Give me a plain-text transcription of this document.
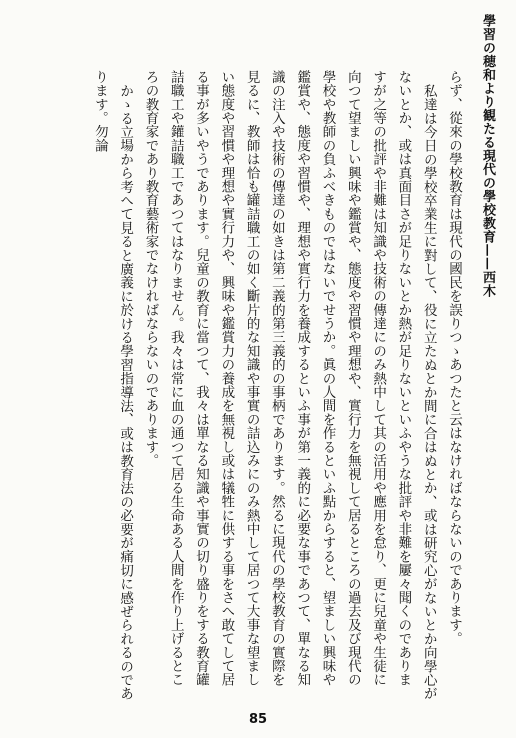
學習の穂和より観たる現代の學校教育——西木

らず、從來の學校教育は現代の國民を誤りつゝあつたと云はなければならないのであります。

私達は今日の學校卒業生に對して、役に立たぬとか間に合はぬとか、或は研究心がないとか向學心がないとか、或は真面目さが足りないとか熱が足りないといふやうな批評や非難を屢々聞くのでありますが之等の批評や非難は知識や技術の傳達にのみ熱中して其の活用や應用を怠り、更に兒童や生徒に向つて望ましい興味や鑑賞や、態度や習慣や理想や、實行力を無視して居るところの過去及び現代の學校や教師の負ふべきものではないでせうか。眞の人間を作るといふ點からすると、望ましい興味や鑑賞や、態度や習慣や、理想や實行力を養成するといふ事が第一義的に必要な事であつて、單なる知識の注入や技術の傳達の如きは第二義的第三義的の事柄であります。然るに現代の學校教育の實際を見るに、教師は恰も罐詰職工の如く斷片的な知識や事實の詰込みにのみ熱中して居つて大事な望ましい態度や習慣や理想や實行力や、興味や鑑賞力の養成を無視し或は犠牲に供する事をさへ敢てして居る事が多いやうであります。兒童の教育に當つて、我々は單なる知識や事實の切り盛りをする教育罐詰職工や鑵詰職工であつてはなりません。我々は常に血の通つて居る生命ある人間を作り上げるところの教育家であり教育藝術家でなければならないのであります。

かゝる立場から考へて見ると廣義に於ける學習指導法、或は教育法の必要が痛切に感ぜられるのであります。勿論

85
